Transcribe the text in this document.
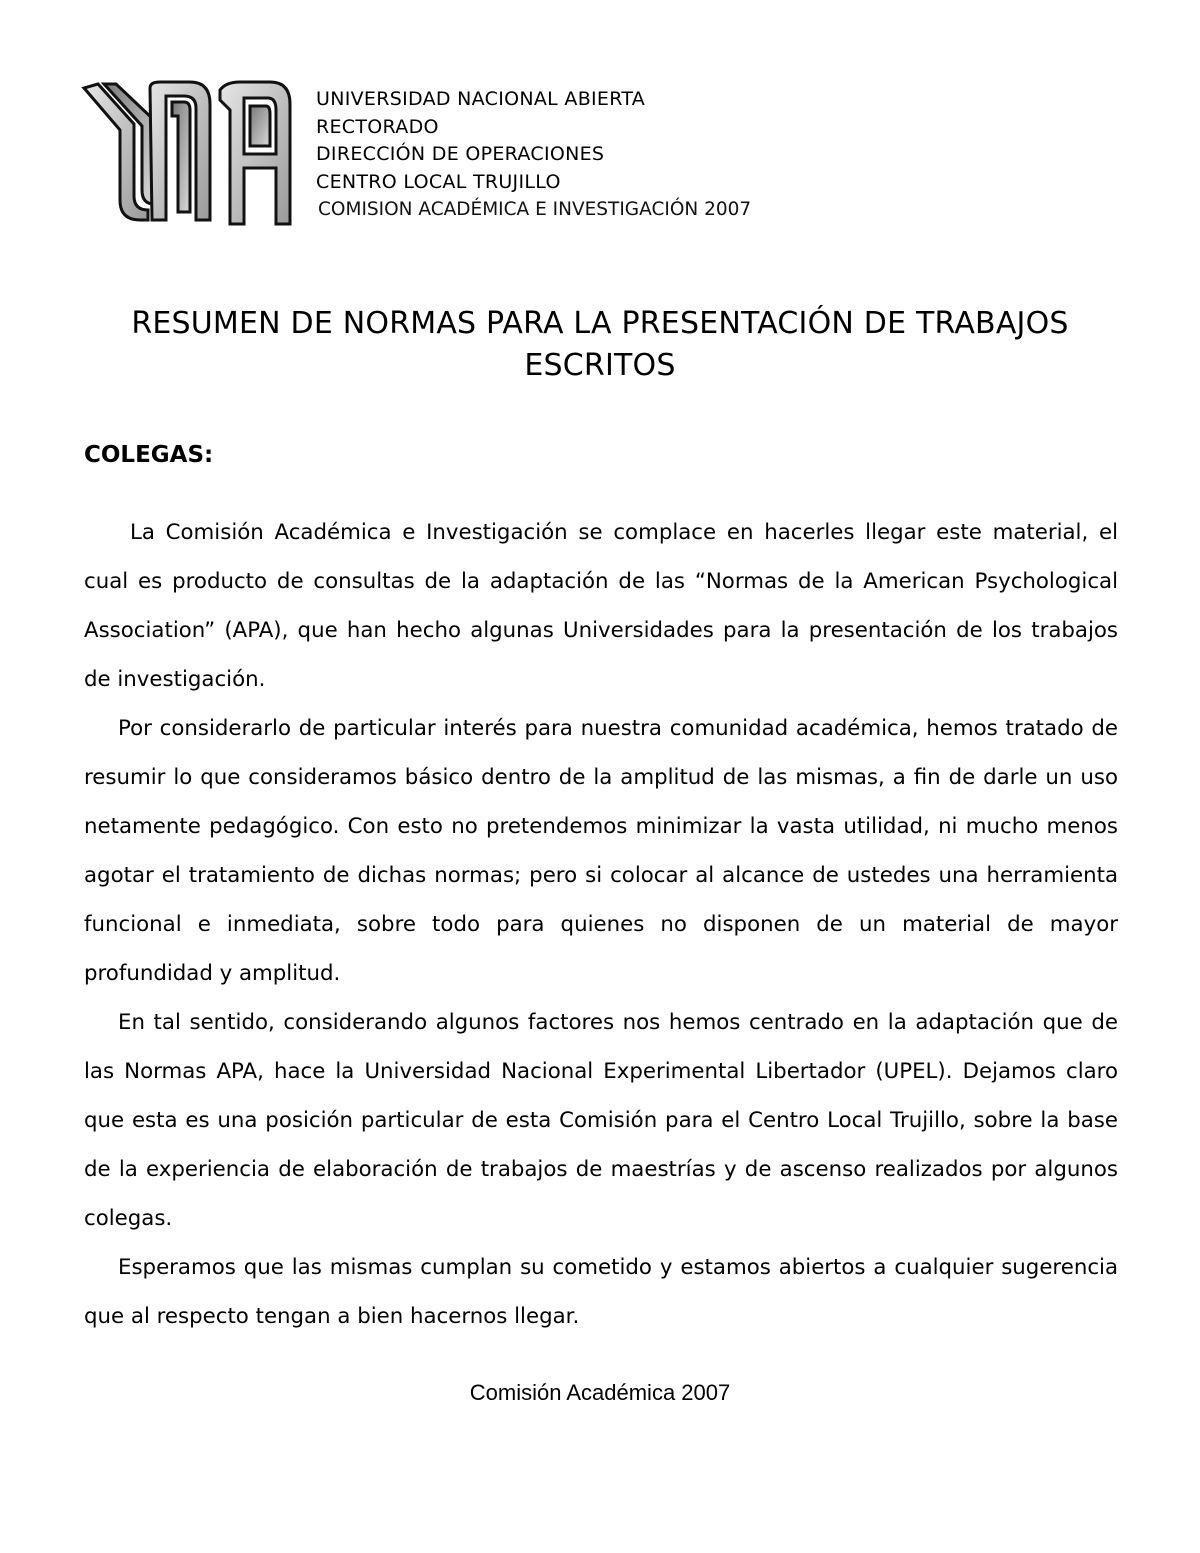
UNIVERSIDAD NACIONAL ABIERTA
RECTORADO
DIRECCIÓN DE OPERACIONES
CENTRO LOCAL TRUJILLO
COMISION ACADÉMICA E INVESTIGACIÓN 2007
RESUMEN DE NORMAS PARA LA PRESENTACIÓN DE TRABAJOS
ESCRITOS
COLEGAS:

La Comisión Académica e Investigación se complace en hacerles llegar este material, el cual es producto de consultas de la adaptación de las “Normas de la American Psychological Association” (APA), que han hecho algunas Universidades para la presentación de los trabajos de investigación.

Por considerarlo de particular interés para nuestra comunidad académica, hemos tratado de resumir lo que consideramos básico dentro de la amplitud de las mismas, a fin de darle un uso netamente pedagógico. Con esto no pretendemos minimizar la vasta utilidad, ni mucho menos agotar el tratamiento de dichas normas; pero si colocar al alcance de ustedes una herramienta funcional e inmediata, sobre todo para quienes no disponen de un material de mayor profundidad y amplitud.

En tal sentido, considerando algunos factores nos hemos centrado en la adaptación que de las Normas APA, hace la Universidad Nacional Experimental Libertador (UPEL). Dejamos claro que esta es una posición particular de esta Comisión para el Centro Local Trujillo, sobre la base de la experiencia de elaboración de trabajos de maestrías y de ascenso realizados por algunos colegas.

Esperamos que las mismas cumplan su cometido y estamos abiertos a cualquier sugerencia que al respecto tengan a bien hacernos llegar.

Comisión Académica 2007
